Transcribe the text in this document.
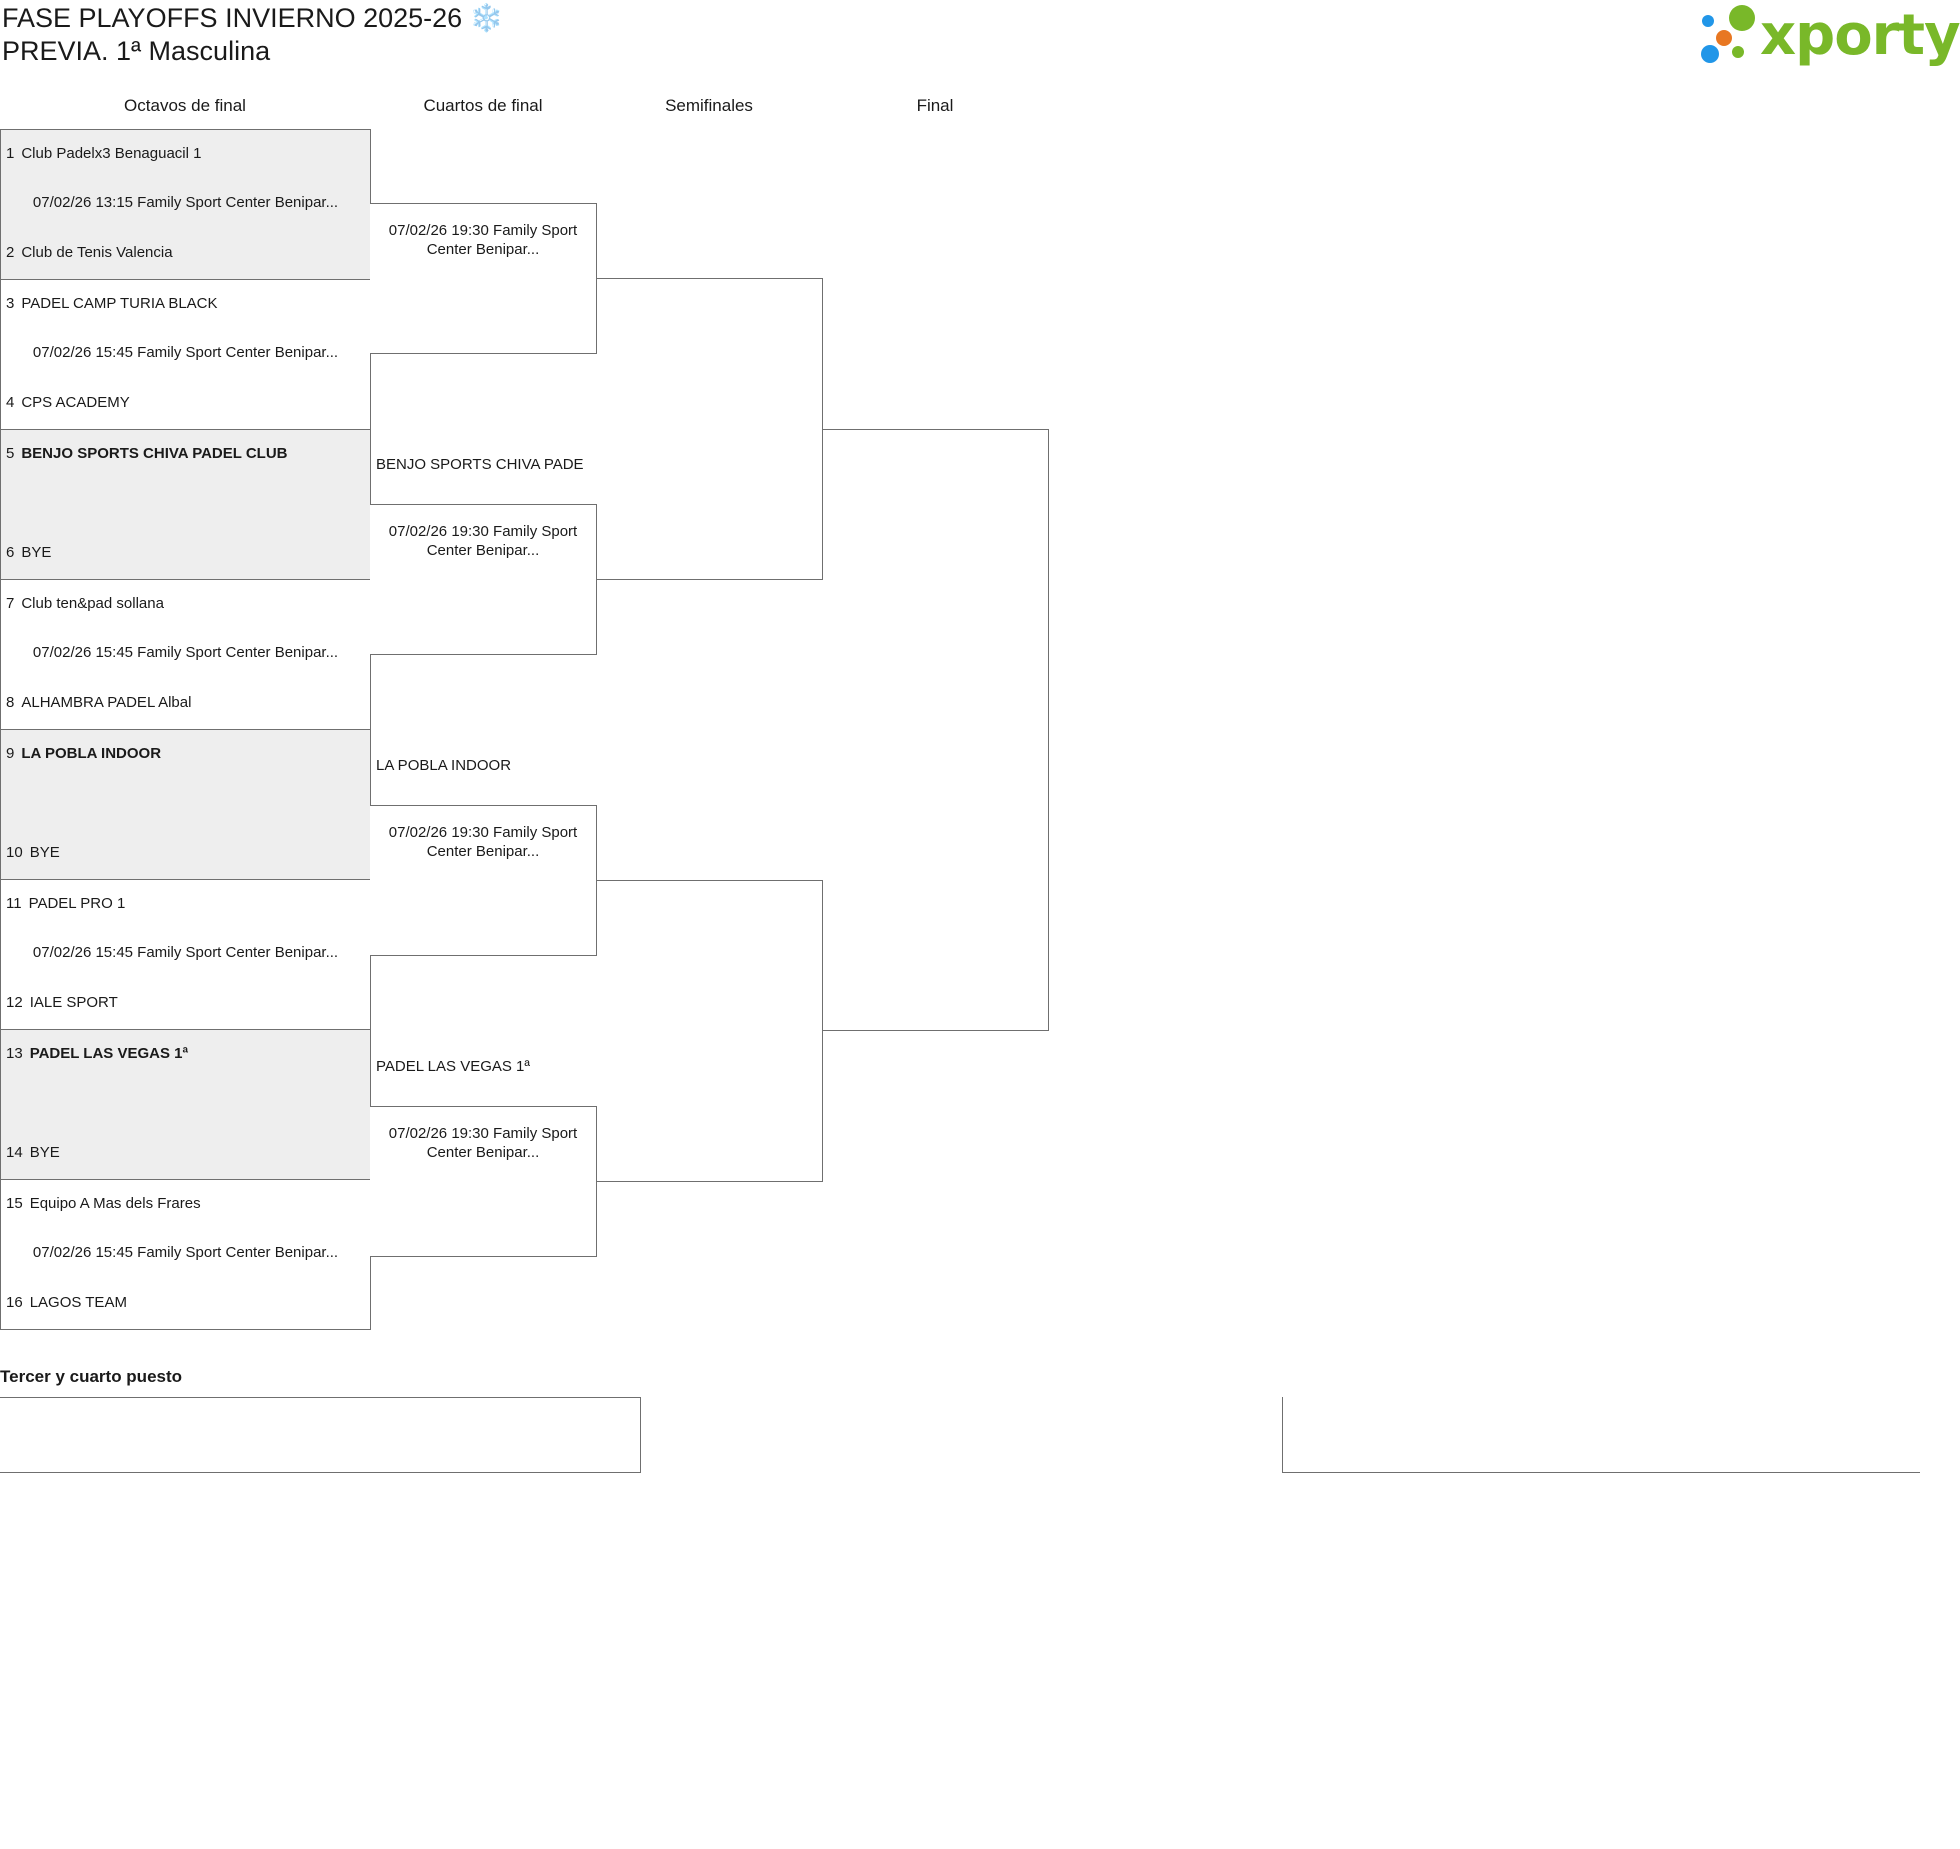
FASE PLAYOFFS INVIERNO 2025-26 ❄️
PREVIA. 1ª Masculina	xporty
Octavos de final	Cuartos de final	Semifinales	Final
1 Club Padelx3 Benaguacil 1
07/02/26 13:15 Family Sport Center Benipar...
2 Club de Tenis Valencia
3 PADEL CAMP TURIA BLACK
07/02/26 15:45 Family Sport Center Benipar...
4 CPS ACADEMY
5 BENJO SPORTS CHIVA PADEL CLUB
6 BYE
7 Club ten&pad sollana
07/02/26 15:45 Family Sport Center Benipar...
8 ALHAMBRA PADEL Albal
9 LA POBLA INDOOR
10 BYE
11 PADEL PRO 1
07/02/26 15:45 Family Sport Center Benipar...
12 IALE SPORT
13 PADEL LAS VEGAS 1ª
14 BYE
15 Equipo A Mas dels Frares
07/02/26 15:45 Family Sport Center Benipar...
16 LAGOS TEAM
07/02/26 19:30 Family Sport Center Benipar...
BENJO SPORTS CHIVA PADE
07/02/26 19:30 Family Sport Center Benipar...
LA POBLA INDOOR
07/02/26 19:30 Family Sport Center Benipar...
PADEL LAS VEGAS 1ª
07/02/26 19:30 Family Sport Center Benipar...
Tercer y cuarto puesto
